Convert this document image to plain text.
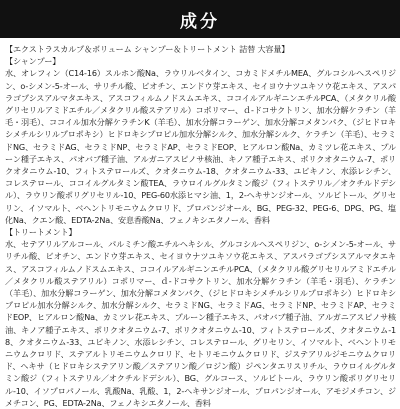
成分

【エクストラスカルプ＆ボリューム シャンプー＆トリートメント 詰替 大容量】

【シャンプー】

水、オレフィン（C14-16）スルホン酸Na、ラウリルベタイン、コカミドメチルMEA、グルコシルヘスペリジン、o-シメン-5-オール、サリチル酸、ビオチン、エンドウ芽エキス、セイヨウナツユキソウ花エキス、アスパラゴプシスアルマタエキス、アスコフィルムノドスムエキス、ココイルアルギニンエチルPCA、（メタクリル酸グリセリルアミドエチル／メタクリル酸ステアリル）コポリマー、ｄ-ドコサクトリン、加水分解ケラチン（羊毛・羽毛）、ココイル加水分解ケラチンK（羊毛）、加水分解コラーゲン、加水分解コメタンパク、（ジヒドロキシメチルシリルプロポキシ）ヒドロキシプロピル加水分解シルク、加水分解シルク、ケラチン（羊毛）、セラミドNG、セラミドAG、セラミドNP、セラミドAP、セラミドEOP、ヒアルロン酸Na、カミツレ花エキス、プルーン種子エキス、パオバブ種子油、アルガニアスピノサ核油、キノア種子エキス、ポリクオタニウム-7、ポリクオタニウム-10、フィトステロールズ、クオタニウム-18、クオタニウム-33、ユビキノン、水添レシチン、コレステロール、ココイルグルタミン酸TEA、ラウロイルグルタミン酸ジ（フィトステリル／オクチルドデシル）、ラウリン酸ポリグリセリル-10、PEG-60水添ヒマシ油、1，2-ヘキサンジオール、ソルビトール、グリセリン、イソマルト、ベヘントリモニウムクロリド、プロパンジオール、BG、PEG-32、PEG-6、DPG、PG、塩化Na、クエン酸、EDTA-2Na、安息香酸Na、フェノキシエタノール、香料

【トリートメント】

水、セテアリルアルコール、パルミチン酸エチルヘキシル、グルコシルヘスペリジン、o-シメン-5-オール、サリチル酸、ビオチン、エンドウ芽エキス、セイヨウナツユキソウ花エキス、アスパラゴプシスアルマタエキス、アスコフィルムノドスムエキス、ココイルアルギニンエチルPCA、（メタクリル酸グリセリルアミドエチル／メタクリル酸ステアリル）コポリマー、ｄ-ドコサクトリン、加水分解ケラチン（羊毛・羽毛）、ケラチン（羊毛）、加水分解コラーゲン、加水分解コメタンパク、（ジヒドロキシメチルシリルプロポキシ）ヒドロキシプロピル加水分解シルク、加水分解シルク、セラミドNG、セラミドAG、セラミドNP、セラミドAP、セラミドEOP、ヒアルロン酸Na、カミツレ花エキス、プルーン種子エキス、パオバブ種子油、アルガニアスピノサ核油、キノア種子エキス、ポリクオタニウム-7、ポリクオタニウム-10、フィトステロールズ、クオタニウム-18、クオタニウム-33、ユビキノン、水添レシチン、コレステロール、グリセリン、イソマルト、ベヘントリモニウムクロリド、ステアルトリモニウムクロリド、セトリモニウムクロリド、ジステアリルジモニウムクロリド、ヘキサ（ヒドロキシステアリン酸／ステアリン酸／ロジン酸）ジペンタエリスリチル、ラウロイルグルタミン酸ジ（フィトステリル／オクチルドデシル）、BG、グルコース、ソルビトール、ラウリン酸ポリグリセリル-10、イソプロパノール、乳酸Na、乳酸、1，2-ヘキサンジオール、プロパンジオール、アモジメチコン、ジメチコン、PG、EDTA-2Na、フェノキシエタノール、香料
